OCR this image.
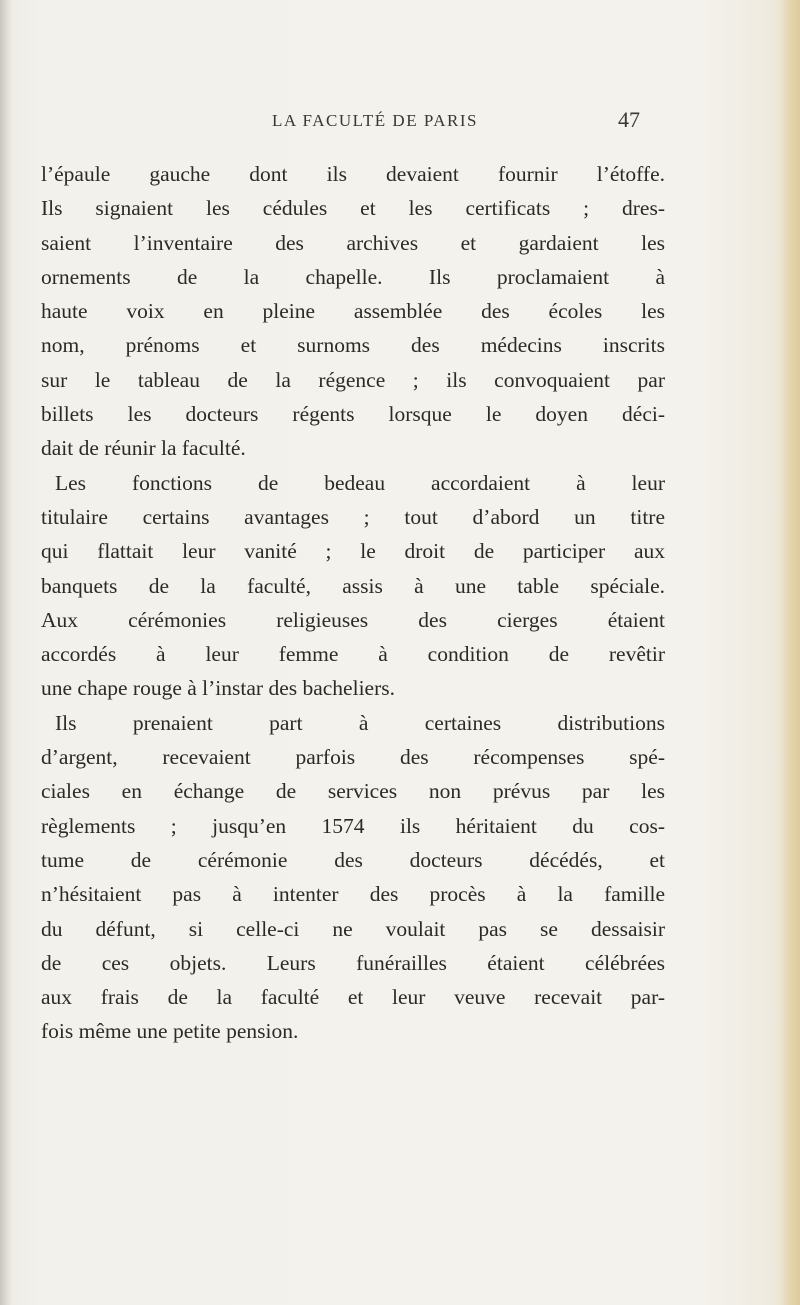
LA FACULTÉ DE PARIS	47
l’épaule gauche dont ils devaient fournir l’étoffe.
Ils signaient les cédules et les certificats ; dres-
saient l’inventaire des archives et gardaient les
ornements de la chapelle. Ils proclamaient à
haute voix en pleine assemblée des écoles les
nom, prénoms et surnoms des médecins inscrits
sur le tableau de la régence ; ils convoquaient par
billets les docteurs régents lorsque le doyen déci-
dait de réunir la faculté.
Les fonctions de bedeau accordaient à leur
titulaire certains avantages ; tout d’abord un titre
qui flattait leur vanité ; le droit de participer aux
banquets de la faculté, assis à une table spéciale.
Aux cérémonies religieuses des cierges étaient
accordés à leur femme à condition de revêtir
une chape rouge à l’instar des bacheliers.
Ils prenaient part à certaines distributions
d’argent, recevaient parfois des récompenses spé-
ciales en échange de services non prévus par les
règlements ; jusqu’en 1574 ils héritaient du cos-
tume de cérémonie des docteurs décédés, et
n’hésitaient pas à intenter des procès à la famille
du défunt, si celle-ci ne voulait pas se dessaisir
de ces objets. Leurs funérailles étaient célébrées
aux frais de la faculté et leur veuve recevait par-
fois même une petite pension.
